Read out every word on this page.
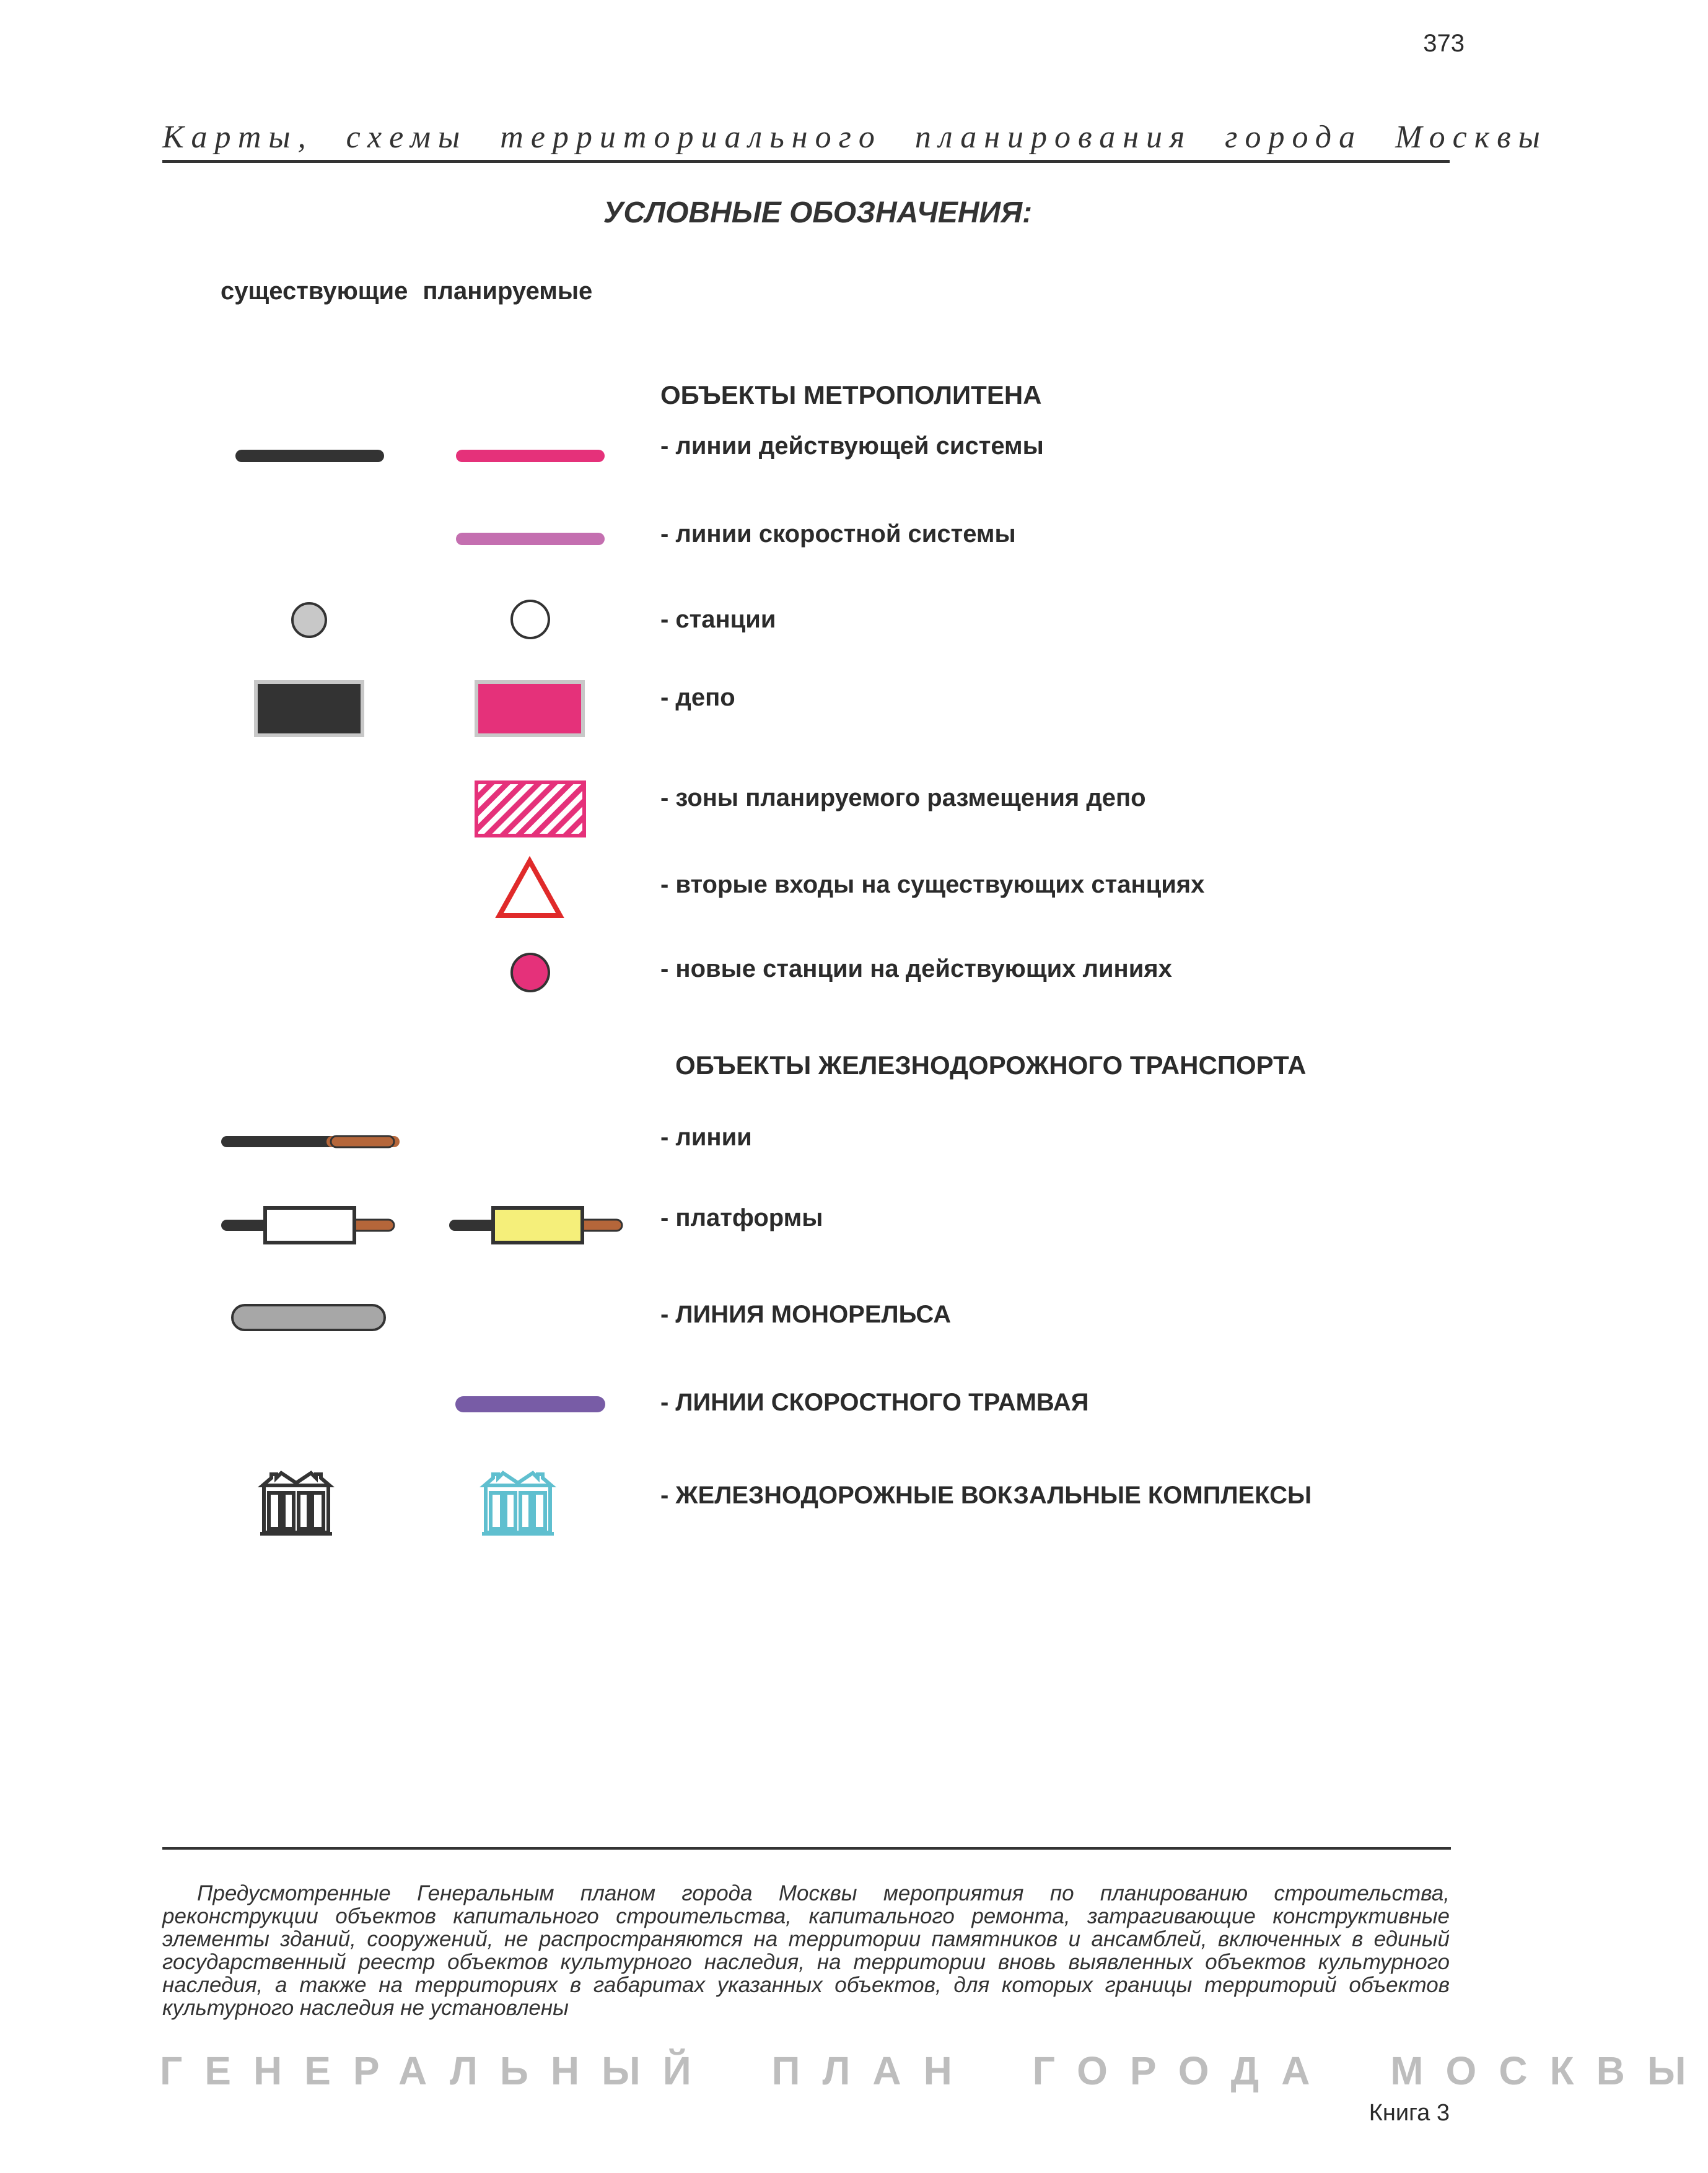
373
Карты, схемы территориального планирования города Москвы
УСЛОВНЫЕ ОБОЗНАЧЕНИЯ:
существующие планируемые
ОБЪЕКТЫ МЕТРОПОЛИТЕНА
- линии действующей системы
- линии скоростной системы
- станции
- депо
- зоны планируемого размещения депо
- вторые входы на существующих станциях
- новые станции на действующих линиях
ОБЪЕКТЫ ЖЕЛЕЗНОДОРОЖНОГО ТРАНСПОРТА
- линии
- платформы
- ЛИНИЯ МОНОРЕЛЬСА
- ЛИНИИ СКОРОСТНОГО ТРАМВАЯ
- ЖЕЛЕЗНОДОРОЖНЫЕ ВОКЗАЛЬНЫЕ КОМПЛЕКСЫ
Предусмотренные Генеральным планом города Москвы мероприятия по планированию строительства, реконструкции объектов капитального строительства, капитального ремонта, затрагивающие конструктивные элементы зданий, сооружений, не распространяются на территории памятников и ансамблей, включенных в единый государственный реестр объектов культурного наследия, на территории вновь выявленных объектов культурного наследия, а также на территориях в габаритах указанных объектов, для которых границы территорий объектов культурного наследия не установлены
ГЕНЕРАЛЬНЫЙ ПЛАН ГОРОДА МОСКВЫ
Книга 3
